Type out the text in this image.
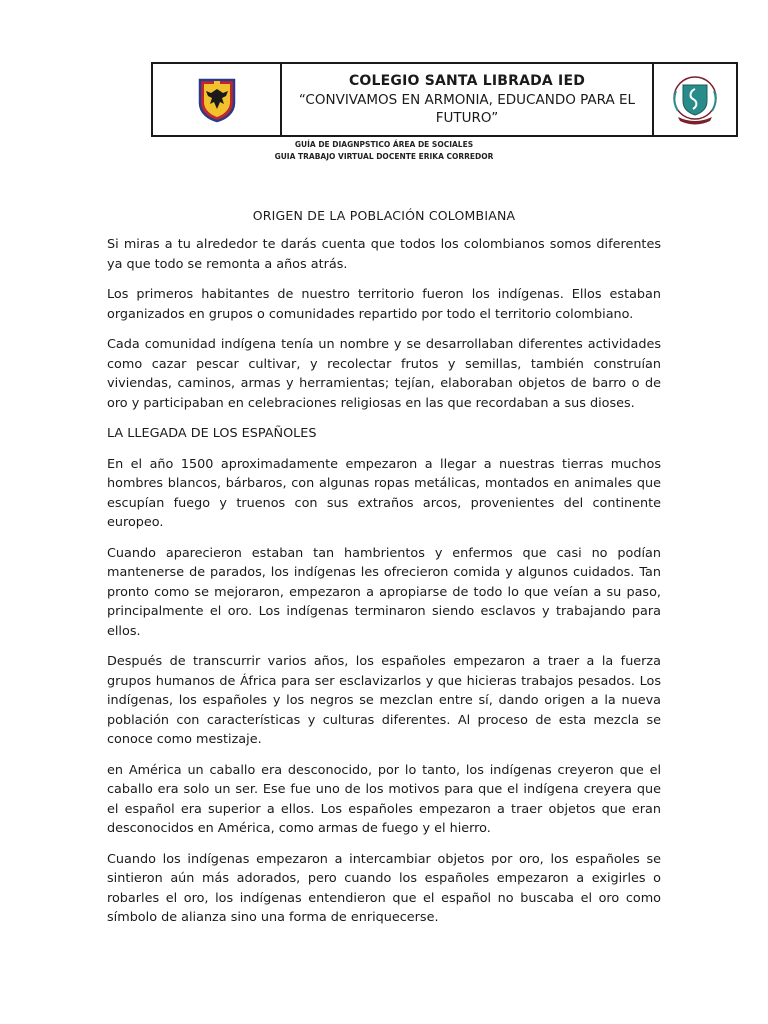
COLEGIO SANTA LIBRADA IED
“CONVIVAMOS EN ARMONIA, EDUCANDO PARA EL FUTURO”
GUÍA DE DIAGNPSTICO ÁREA DE SOCIALES
GUIA TRABAJO VIRTUAL DOCENTE ERIKA CORREDOR
ORIGEN DE LA POBLACIÓN COLOMBIANA

Si miras a tu alrededor te darás cuenta que todos los colombianos somos diferentes ya que todo se remonta a años atrás.

Los primeros habitantes de nuestro territorio fueron los indígenas. Ellos estaban organizados en grupos o comunidades repartido por todo el territorio colombiano.

Cada comunidad indígena tenía un nombre y se desarrollaban diferentes actividades como cazar pescar cultivar, y recolectar frutos y semillas, también construían viviendas, caminos, armas y herramientas; tejían, elaboraban objetos de barro o de oro y participaban en celebraciones religiosas en las que recordaban a sus dioses.

LA LLEGADA DE LOS ESPAÑOLES

En el año 1500 aproximadamente empezaron a llegar a nuestras tierras muchos hombres blancos, bárbaros, con algunas ropas metálicas, montados en animales que escupían fuego y truenos con sus extraños arcos, provenientes del continente europeo.

Cuando aparecieron estaban tan hambrientos y enfermos que casi no podían mantenerse de parados, los indígenas les ofrecieron comida y algunos cuidados. Tan pronto como se mejoraron, empezaron a apropiarse de todo lo que veían a su paso, principalmente el oro. Los indígenas terminaron siendo esclavos y trabajando para ellos.

Después de transcurrir varios años, los españoles empezaron a traer a la fuerza grupos humanos de África para ser esclavizarlos y que hicieras trabajos pesados. Los indígenas, los españoles y los negros se mezclan entre sí, dando origen a la nueva población con características y culturas diferentes. Al proceso de esta mezcla se conoce como mestizaje.

en América un caballo era desconocido, por lo tanto, los indígenas creyeron que el caballo era solo un ser. Ese fue uno de los motivos para que el indígena creyera que el español era superior a ellos. Los españoles empezaron a traer objetos que eran desconocidos en América, como armas de fuego y el hierro.

Cuando los indígenas empezaron a intercambiar objetos por oro, los españoles se sintieron aún más adorados, pero cuando los españoles empezaron a exigirles o robarles el oro, los indígenas entendieron que el español no buscaba el oro como símbolo de alianza sino una forma de enriquecerse.
